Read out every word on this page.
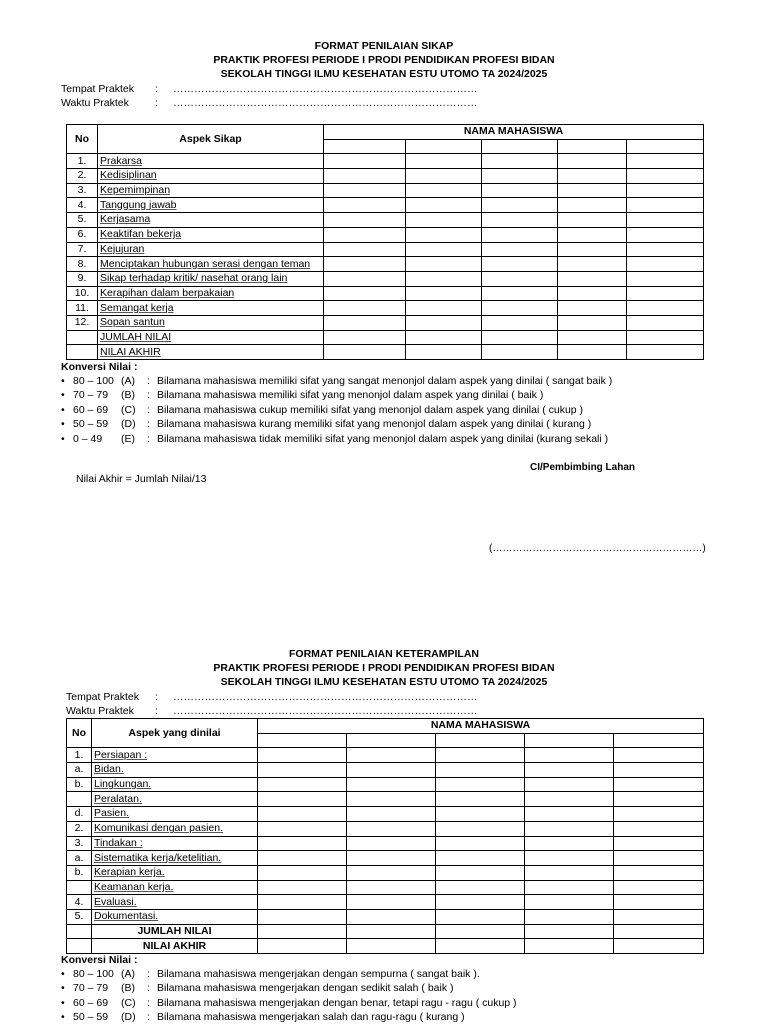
FORMAT PENILAIAN SIKAP
PRAKTIK PROFESI PERIODE I PRODI PENDIDIKAN PROFESI BIDAN
SEKOLAH TINGGI ILMU KESEHATAN ESTU UTOMO TA 2024/2025
Tempat Praktek : ……………………………………………………………………………
Waktu Praktek : ……………………………………………………………………………
No	Aspek Sikap	NAMA MAHASISWA				

1.	Prakarsa					
2.	Kedisiplinan					
3.	Kepemimpinan					
4.	Tanggung jawab					
5.	Kerjasama					
6.	Keaktifan bekerja					
7.	Kejujuran					
8.	Menciptakan hubungan serasi dengan teman					
9.	Sikap terhadap kritik/ nasehat orang lain					
10.	Kerapihan dalam berpakaian					
11.	Semangat kerja					
12.	Sopan santun					
	JUMLAH NILAI					
	NILAI AKHIR					
Konversi Nilai :
• 80 – 100 (A) : Bilamana mahasiswa memiliki sifat yang sangat menonjol dalam aspek yang dinilai ( sangat baik )
• 70 – 79 (B) : Bilamana mahasiswa memiliki sifat yang menonjol dalam aspek yang dinilai ( baik )
• 60 – 69 (C) : Bilamana mahasiswa cukup memiliki sifat yang menonjol dalam aspek yang dinilai ( cukup )
• 50 – 59 (D) : Bilamana mahasiswa kurang memiliki sifat yang menonjol dalam aspek yang dinilai ( kurang )
• 0 – 49 (E) : Bilamana mahasiswa tidak memiliki sifat yang menonjol dalam aspek yang dinilai (kurang sekali )
CI/Pembimbing Lahan
Nilai Akhir = Jumlah Nilai/13
(………………………………………………………)
FORMAT PENILAIAN KETERAMPILAN
PRAKTIK PROFESI PERIODE I PRODI PENDIDIKAN PROFESI BIDAN
SEKOLAH TINGGI ILMU KESEHATAN ESTU UTOMO TA 2024/2025
Tempat Praktek : ……………………………………………………………………………
Waktu Praktek : ……………………………………………………………………………
No	Aspek yang dinilai	NAMA MAHASISWA				

1.	Persiapan :					
a.	Bidan.					
b.	Lingkungan.					
	Peralatan.					
d.	Pasien.					
2.	Komunikasi dengan pasien.					
3.	Tindakan :					
a.	Sistematika kerja/ketelitian.					
b.	Kerapian kerja.					
	Keamanan kerja.					
4.	Evaluasi.					
5.	Dokumentasi.					
	JUMLAH NILAI					
	NILAI AKHIR					
Konversi Nilai :
• 80 – 100 (A) : Bilamana mahasiswa mengerjakan dengan sempurna ( sangat baik ).
• 70 – 79 (B) : Bilamana mahasiswa mengerjakan dengan sedikit salah ( baik )
• 60 – 69 (C) : Bilamana mahasiswa mengerjakan dengan benar, tetapi ragu - ragu ( cukup )
• 50 – 59 (D) : Bilamana mahasiswa mengerjakan salah dan ragu-ragu ( kurang )
